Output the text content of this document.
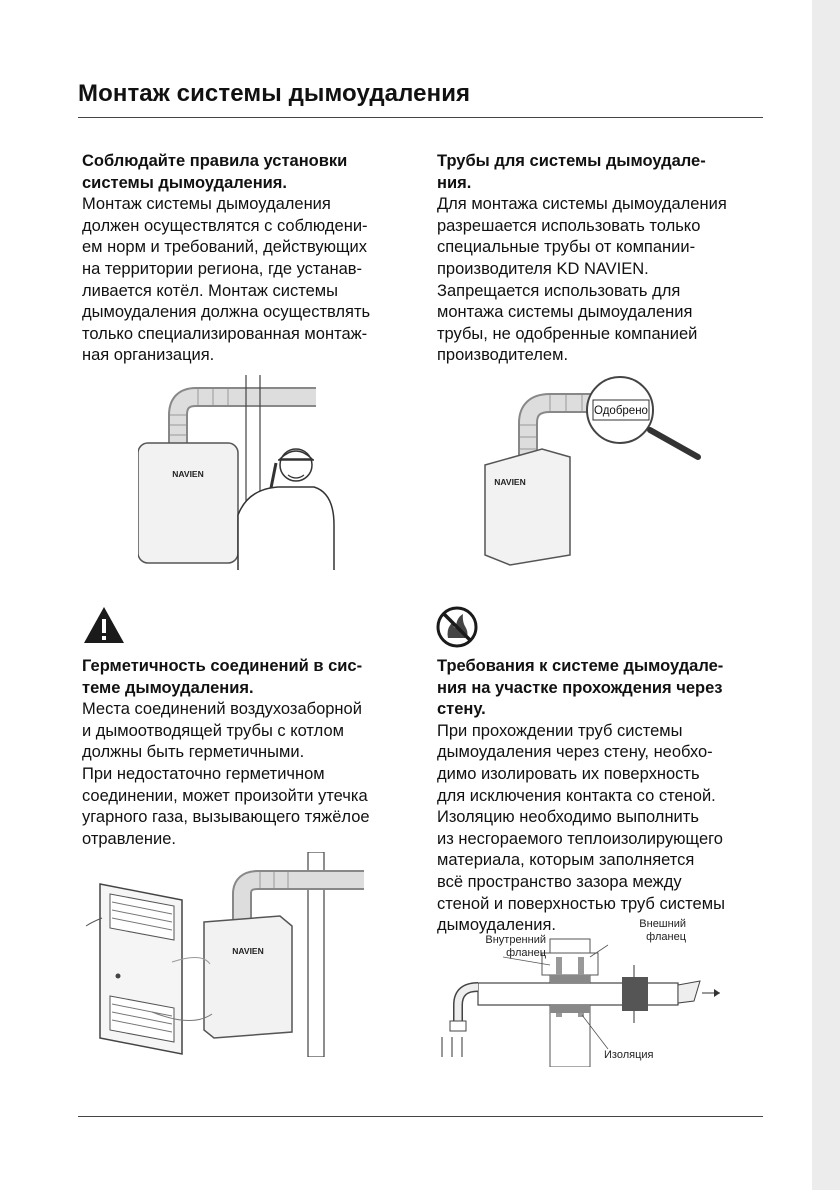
Монтаж системы дымоудаления

Соблюдайте правила установки

системы дымоудаления.

Монтаж системы дымоудаления

должен осуществлятся с соблюдени-

ем норм и требований, действующих

на территории региона, где устанав-

ливается котёл. Монтаж системы

дымоудаления должна осуществлять

только специализированная монтаж-

ная организация.

Трубы для системы дымоудале-

ния.

Для монтажа системы дымоудаления

разрешается использовать только

специальные трубы от компании-

производителя KD NAVIEN.

Запрещается использовать для

монтажа системы дымоудаления

трубы, не одобренные компанией

производителем.

NAVIEN
NAVIEN
Одобрено

Герметичность соединений в сис-

теме дымоудаления.

Места соединений воздухозаборной

и дымоотводящей трубы с котлом

должны быть герметичными.

При недостаточно герметичном

соединении, может произойти утечка

угарного газа, вызывающего тяжёлое

отравление.

Требования к системе дымоудале-

ния на участке прохождения через

стену.

При прохождении труб системы

дымоудаления через стену, необхо-

димо изолировать их поверхность

для исключения контакта со стеной.

Изоляцию необходимо выполнить

из несгораемого теплоизолирующего

материала, которым заполняется

всё пространство зазора между

стеной и поверхностью труб системы

дымоудаления.

NAVIEN
Внутренний
фланец
Внешний
фланец
Изоляция
